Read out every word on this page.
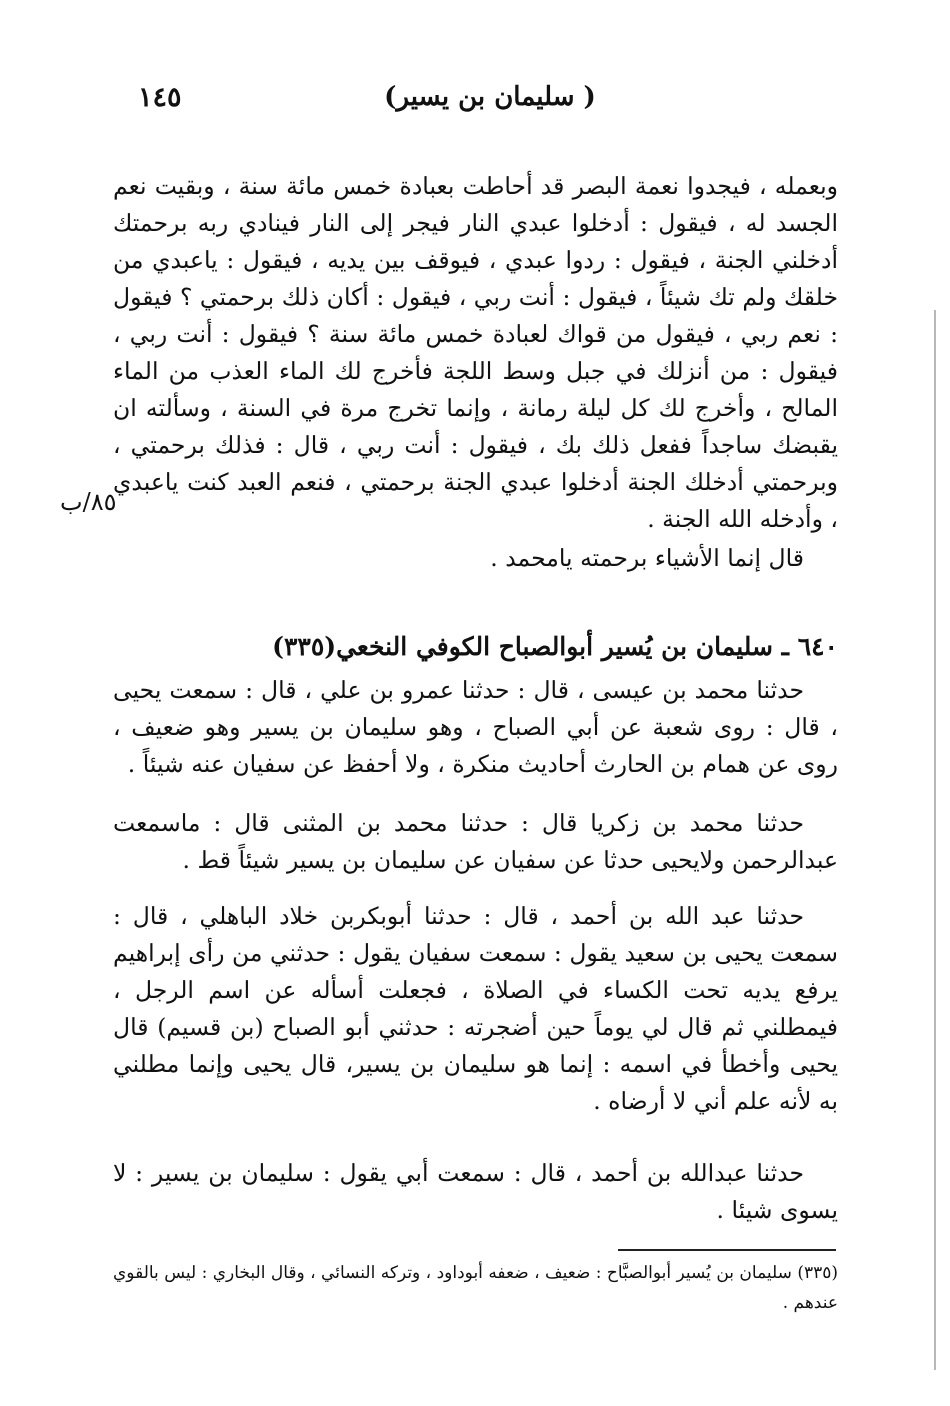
١٤٥	( سليمان بن يسير)

وبعمله ، فيجدوا نعمة البصر قد أحاطت بعبادة خمس مائة سنة ، وبقيت نعم الجسد له ، فيقول : أدخلوا عبدي النار فيجر إلى النار فينادي ربه برحمتك أدخلني الجنة ، فيقول : ردوا عبدي ، فيوقف بين يديه ، فيقول : ياعبدي من خلقك ولم تك شيئاً ، فيقول : أنت ربي ، فيقول : أكان ذلك برحمتي ؟ فيقول : نعم ربي ، فيقول من قواك لعبادة خمس مائة سنة ؟ فيقول : أنت ربي ، فيقول : من أنزلك في جبل وسط اللجة فأخرج لك الماء العذب من الماء المالح ، وأخرج لك كل ليلة رمانة ، وإنما تخرج مرة في السنة ، وسألته ان يقبضك ساجداً ففعل ذلك بك ، فيقول : أنت ربي ، قال : فذلك برحمتي ، وبرحمتي أدخلك الجنة أدخلوا عبدي الجنة برحمتي ، فنعم العبد كنت ياعبدي ، وأدخله الله الجنة .

٨٥/ب

قال إنما الأشياء برحمته يامحمد .

٦٤٠ ـ سليمان بن يُسير أبوالصباح الكوفي النخعي(٣٣٥)

حدثنا محمد بن عيسى ، قال : حدثنا عمرو بن علي ، قال : سمعت يحيى ، قال : روى شعبة عن أبي الصباح ، وهو سليمان بن يسير وهو ضعيف ، روى عن همام بن الحارث أحاديث منكرة ، ولا أحفظ عن سفيان عنه شيئاً .

حدثنا محمد بن زكريا قال : حدثنا محمد بن المثنى قال : ماسمعت عبدالرحمن ولايحيى حدثا عن سفيان عن سليمان بن يسير شيئاً قط .

حدثنا عبد الله بن أحمد ، قال : حدثنا أبوبكربن خلاد الباهلي ، قال : سمعت يحيى بن سعيد يقول : سمعت سفيان يقول : حدثني من رأى إبراهيم يرفع يديه تحت الكساء في الصلاة ، فجعلت أسأله عن اسم الرجل ، فيمطلني ثم قال لي يوماً حين أضجرته : حدثني أبو الصباح (بن قسيم) قال يحيى وأخطأ في اسمه : إنما هو سليمان بن يسير، قال يحيى وإنما مطلني به لأنه علم أني لا أرضاه .

حدثنا عبدالله بن أحمد ، قال : سمعت أبي يقول : سليمان بن يسير : لا يسوى شيئا .

(٣٣٥) سليمان بن يُسير أبوالصبَّاح : ضعيف ، ضعفه أبوداود ، وتركه النسائي ، وقال البخاري : ليس بالقوي عندهم .
